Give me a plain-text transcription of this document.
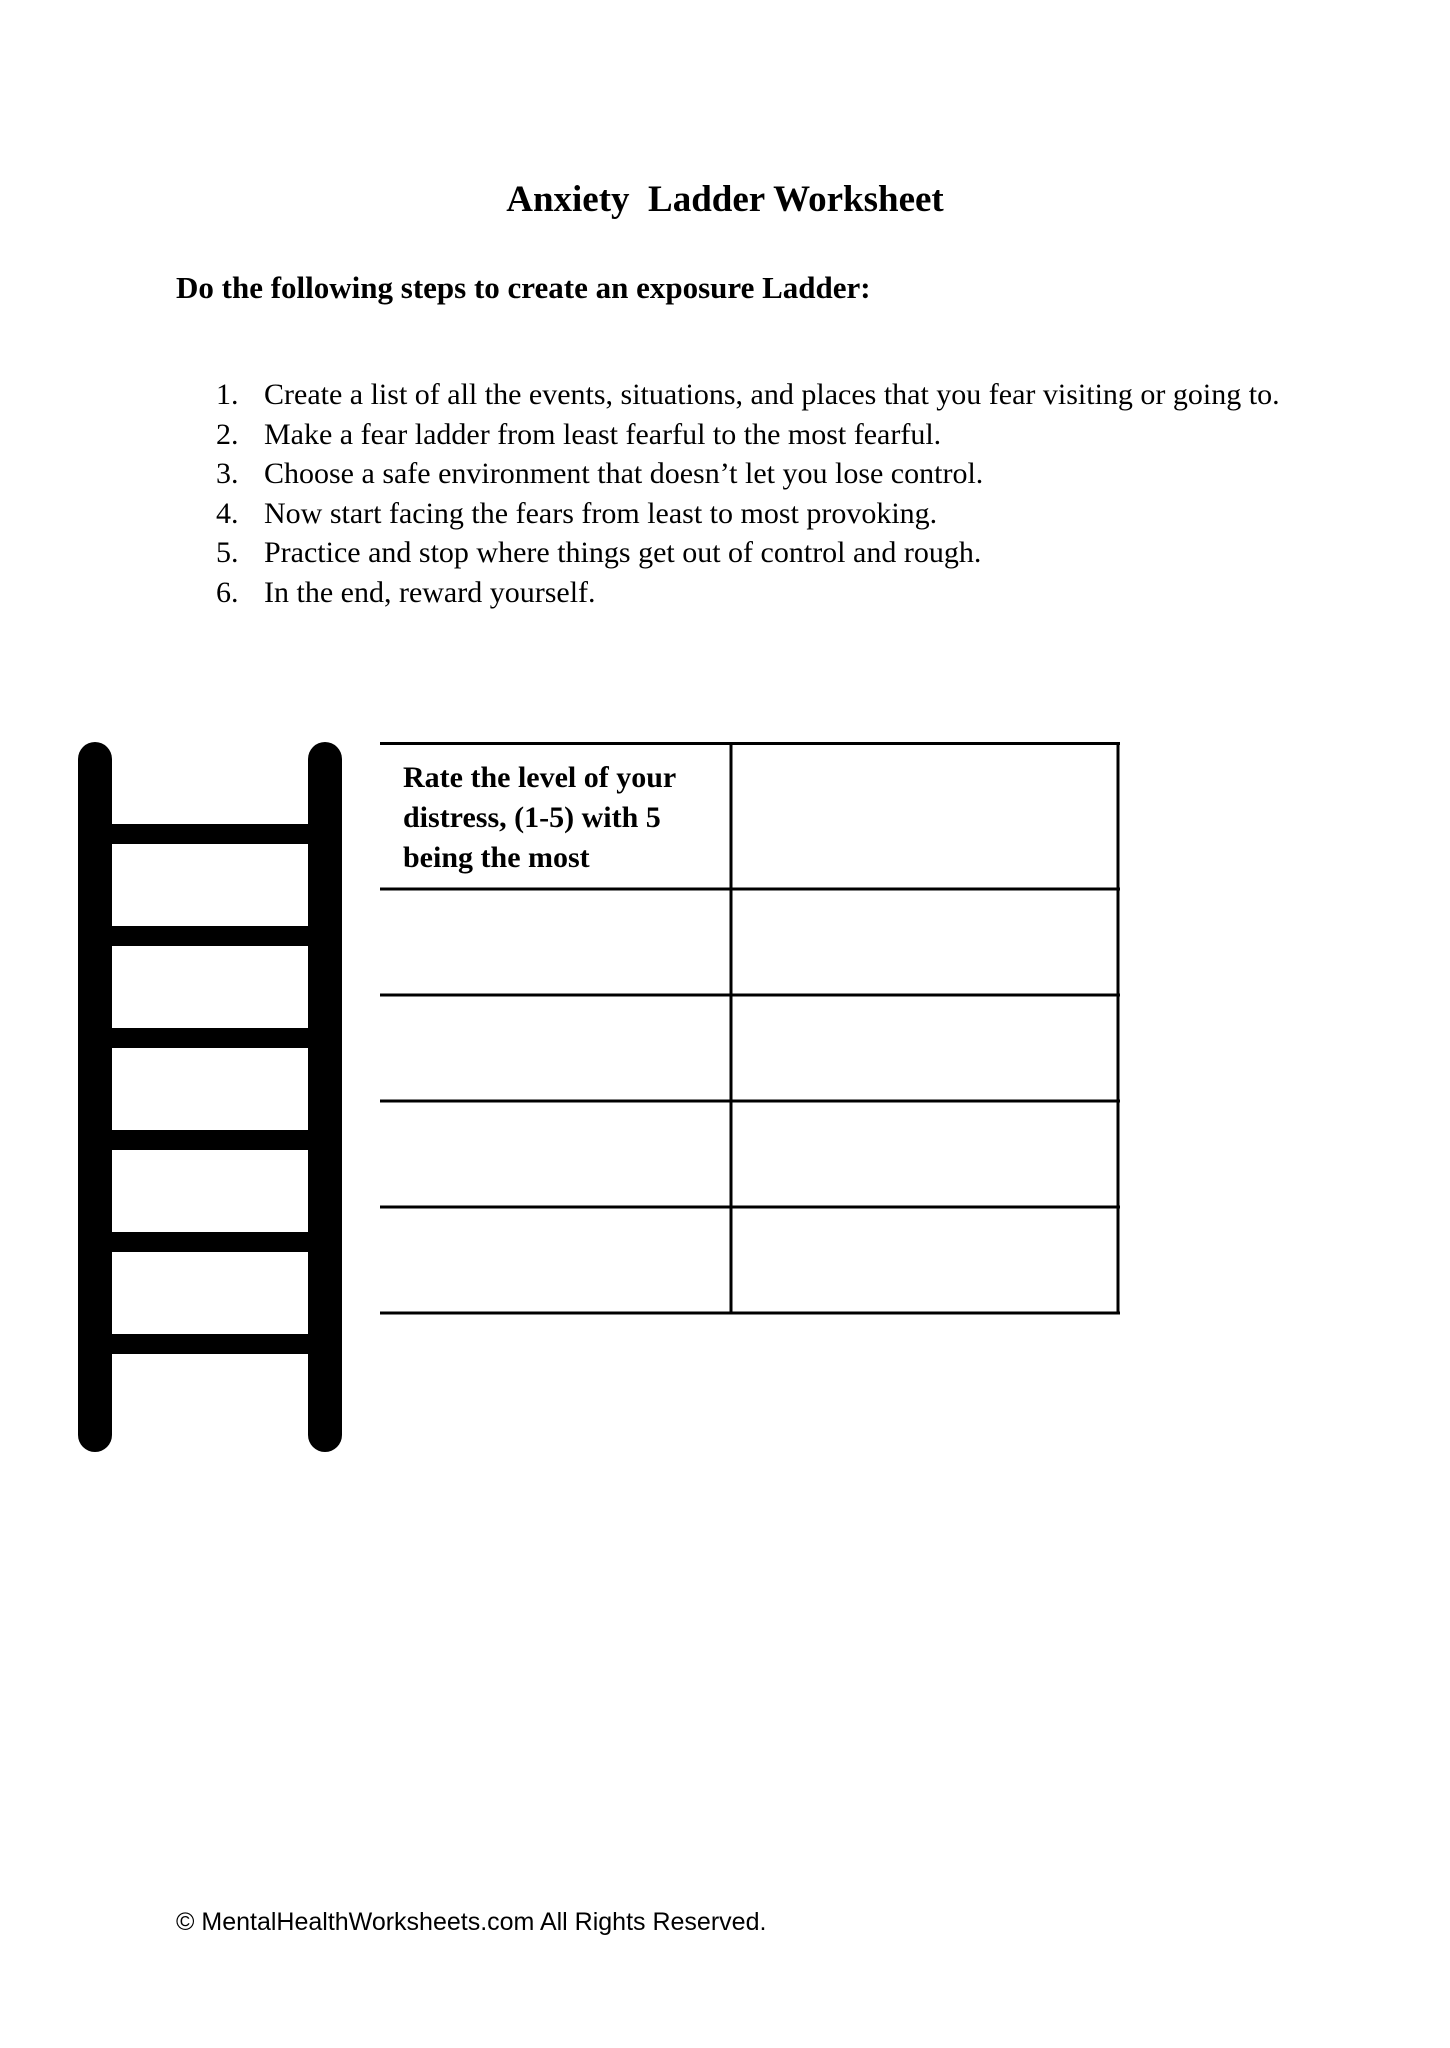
Anxiety  Ladder Worksheet
Do the following steps to create an exposure Ladder:
1. Create a list of all the events, situations, and places that you fear visiting or going to.
2. Make a fear ladder from least fearful to the most fearful.
3. Choose a safe environment that doesn’t let you lose control.
4. Now start facing the fears from least to most provoking.
5. Practice and stop where things get out of control and rough.
6. In the end, reward yourself.
Rate the level of your distress, (1-5) with 5 being the most
© MentalHealthWorksheets.com All Rights Reserved.
